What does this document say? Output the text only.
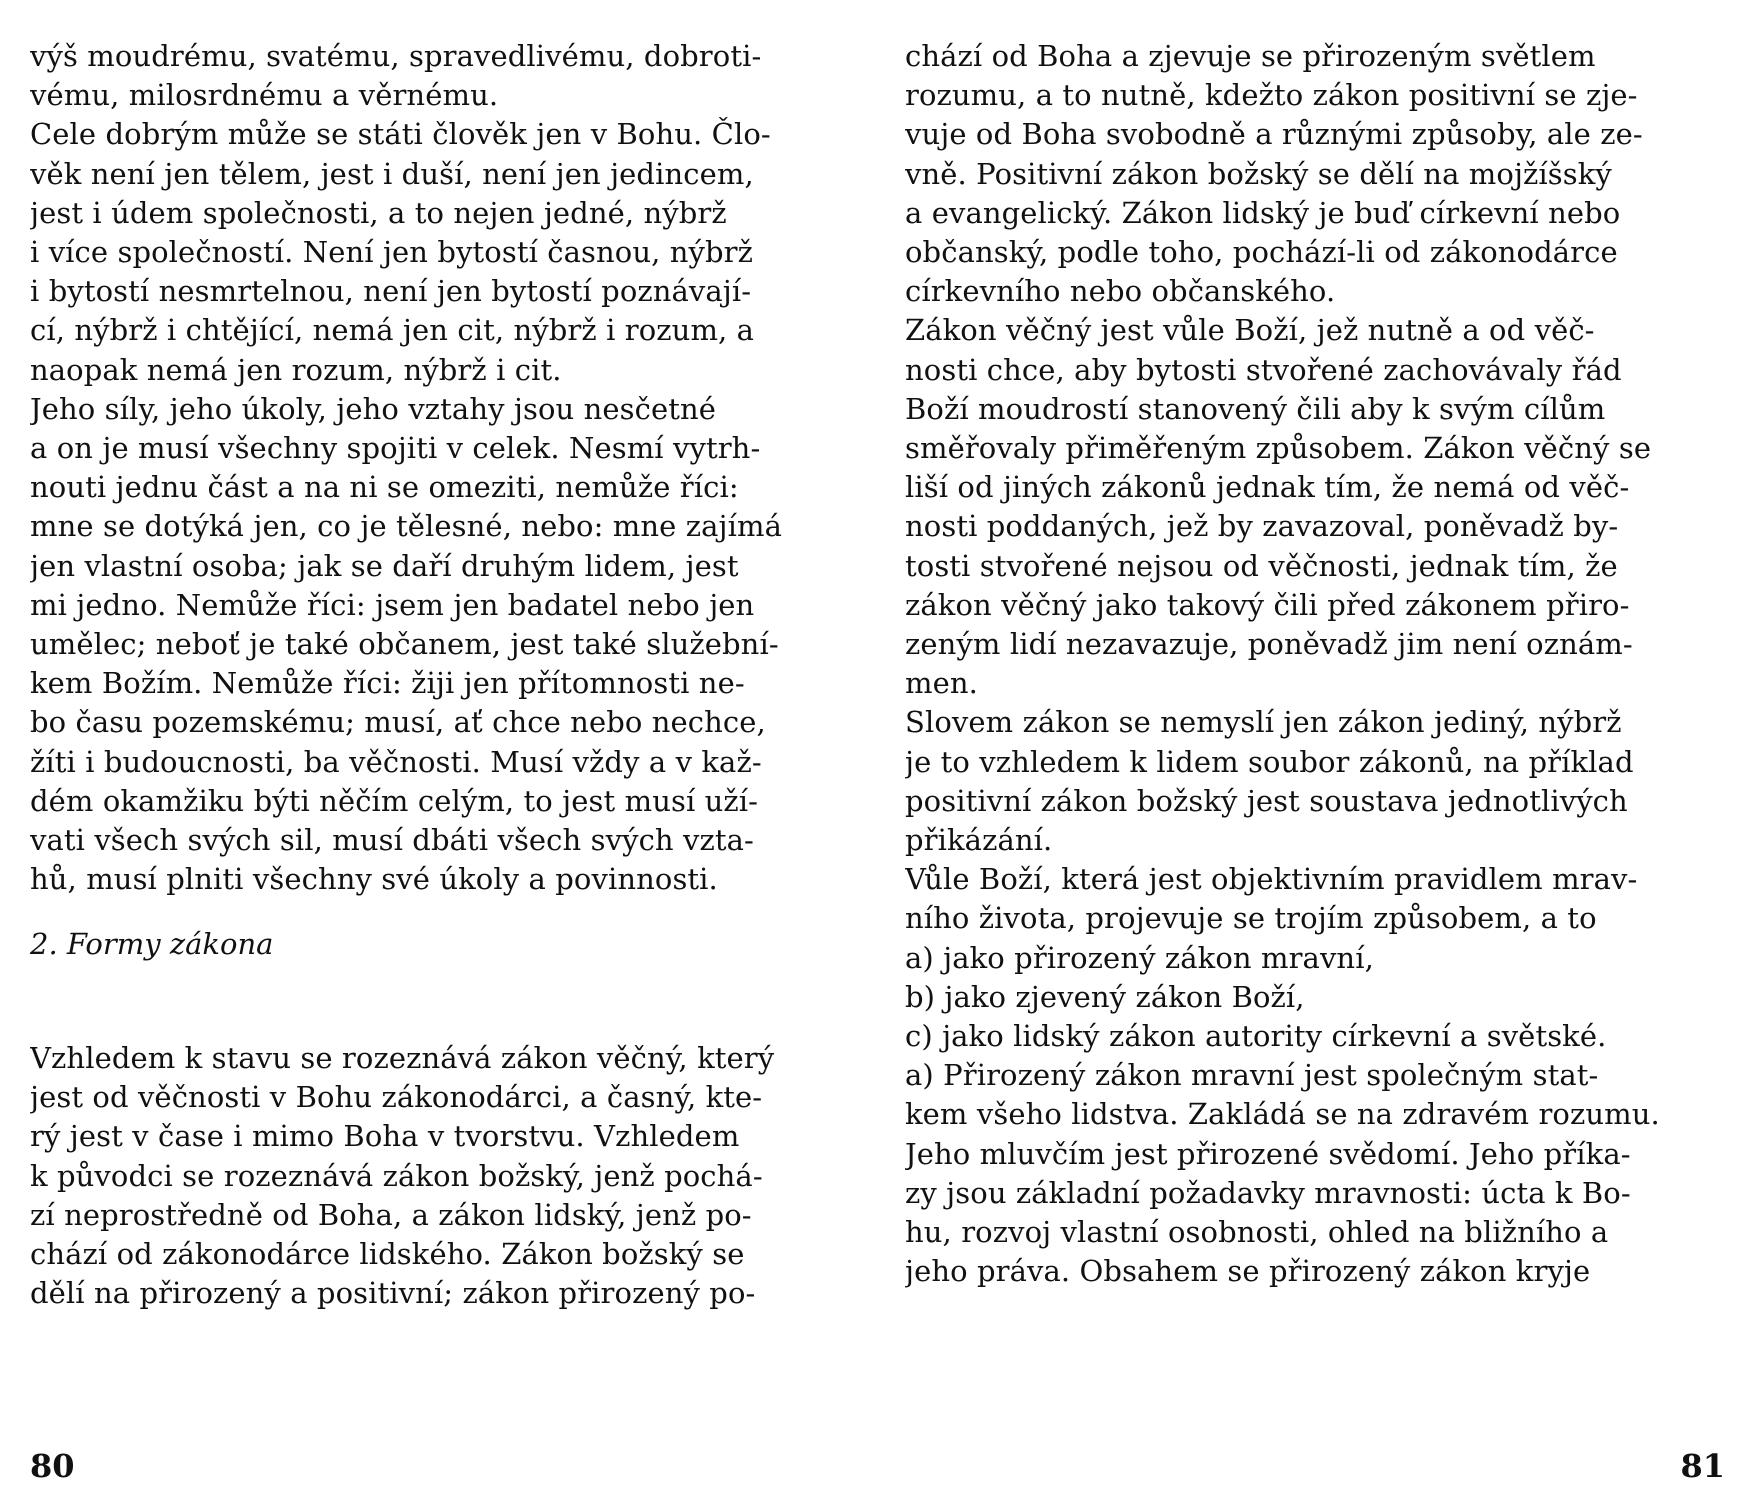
výš moudrému, svatému, spravedlivému, dobroti-
vému, milosrdnému a věrnému.
Cele dobrým může se státi člověk jen v Bohu. Člo-
věk není jen tělem, jest i duší, není jen jedincem,
jest i údem společnosti, a to nejen jedné, nýbrž
i více společností. Není jen bytostí časnou, nýbrž
i bytostí nesmrtelnou, není jen bytostí poznávají-
cí, nýbrž i chtějící, nemá jen cit, nýbrž i rozum, a
naopak nemá jen rozum, nýbrž i cit.
Jeho síly, jeho úkoly, jeho vztahy jsou nesčetné
a on je musí všechny spojiti v celek. Nesmí vytrh-
nouti jednu část a na ni se omeziti, nemůže říci:
mne se dotýká jen, co je tělesné, nebo: mne zajímá
jen vlastní osoba; jak se daří druhým lidem, jest
mi jedno. Nemůže říci: jsem jen badatel nebo jen
umělec; neboť je také občanem, jest také služební-
kem Božím. Nemůže říci: žiji jen přítomnosti ne-
bo času pozemskému; musí, ať chce nebo nechce,
žíti i budoucnosti, ba věčnosti. Musí vždy a v kaž-
dém okamžiku býti něčím celým, to jest musí uží-
vati všech svých sil, musí dbáti všech svých vzta-
hů, musí plniti všechny své úkoly a povinnosti.
2. Formy zákona
Vzhledem k stavu se rozeznává zákon věčný, který
jest od věčnosti v Bohu zákonodárci, a časný, kte-
rý jest v čase i mimo Boha v tvorstvu. Vzhledem
k původci se rozeznává zákon božský, jenž pochá-
zí neprostředně od Boha, a zákon lidský, jenž po-
chází od zákonodárce lidského. Zákon božský se
dělí na přirozený a positivní; zákon přirozený po-
80
chází od Boha a zjevuje se přirozeným světlem
rozumu, a to nutně, kdežto zákon positivní se zje-
vuje od Boha svobodně a různými způsoby, ale ze-
vně. Positivní zákon božský se dělí na mojžíšský
a evangelický. Zákon lidský je buď církevní nebo
občanský, podle toho, pochází-li od zákonodárce
církevního nebo občanského.
Zákon věčný jest vůle Boží, jež nutně a od věč-
nosti chce, aby bytosti stvořené zachovávaly řád
Boží moudrostí stanovený čili aby k svým cílům
směřovaly přiměřeným způsobem. Zákon věčný se
liší od jiných zákonů jednak tím, že nemá od věč-
nosti poddaných, jež by zavazoval, poněvadž by-
tosti stvořené nejsou od věčnosti, jednak tím, že
zákon věčný jako takový čili před zákonem přiro-
zeným lidí nezavazuje, poněvadž jim není oznám-
men.
Slovem zákon se nemyslí jen zákon jediný, nýbrž
je to vzhledem k lidem soubor zákonů, na příklad
positivní zákon božský jest soustava jednotlivých
přikázání.
Vůle Boží, která jest objektivním pravidlem mrav-
ního života, projevuje se trojím způsobem, a to
a) jako přirozený zákon mravní,
b) jako zjevený zákon Boží,
c) jako lidský zákon autority církevní a světské.
a) Přirozený zákon mravní jest společným stat-
kem všeho lidstva. Zakládá se na zdravém rozumu.
Jeho mluvčím jest přirozené svědomí. Jeho příka-
zy jsou základní požadavky mravnosti: úcta k Bo-
hu, rozvoj vlastní osobnosti, ohled na bližního a
jeho práva. Obsahem se přirozený zákon kryje
81
